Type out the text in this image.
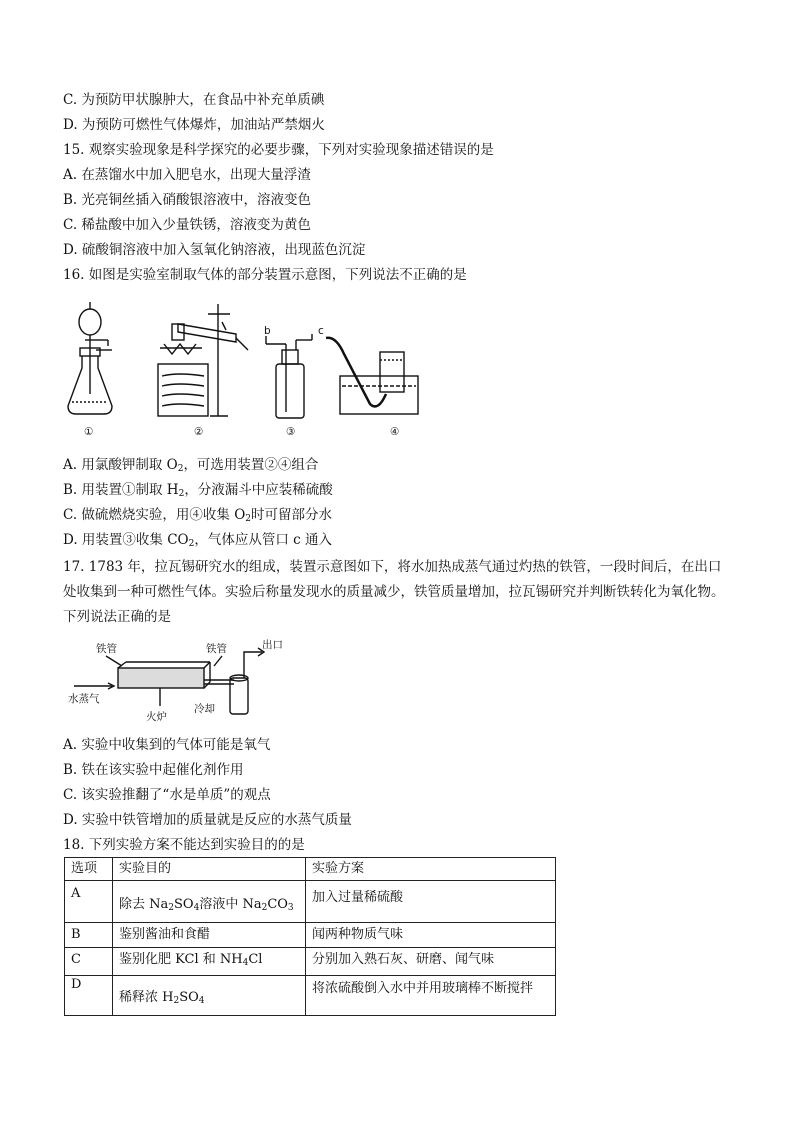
C. 为预防甲状腺肿大，在食品中补充单质碘
D. 为预防可燃性气体爆炸，加油站严禁烟火
15. 观察实验现象是科学探究的必要步骤，下列对实验现象描述错误的是
A. 在蒸馏水中加入肥皂水，出现大量浮渣
B. 光亮铜丝插入硝酸银溶液中，溶液变色
C. 稀盐酸中加入少量铁锈，溶液变为黄色
D. 硫酸铜溶液中加入氢氧化钠溶液，出现蓝色沉淀
16. 如图是实验室制取气体的部分装置示意图，下列说法不正确的是
①	②	③	④
b	c
A. 用氯酸钾制取 $O_2$，可选用装置②④组合
B. 用装置①制取 $H_2$，分液漏斗中应装稀硫酸
C. 做硫燃烧实验，用④收集 $O_2$时可留部分水
D. 用装置③收集 $CO_2$，气体应从管口 c 通入
17. 1783 年，拉瓦锡研究水的组成，装置示意图如下，将水加热成蒸气通过灼热的铁管，一段时间后，在出口处收集到一种可燃性气体。实验后称量发现水的质量减少，铁管质量增加，拉瓦锡研究并判断铁转化为氧化物。下列说法正确的是
铁管	铁管	出口
水蒸气
火炉
冷却
A. 实验中收集到的气体可能是氧气
B. 铁在该实验中起催化剂作用
C. 该实验推翻了“水是单质”的观点
D. 实验中铁管增加的质量就是反应的水蒸气质量
18. 下列实验方案不能达到实验目的的是
选项	实验目的	实验方案

A	除去 $Na_2SO_4$溶液中 $Na_2CO_3$	加入过量稀硫酸

B	鉴别酱油和食醋	闻两种物质气味
C	鉴别化肥 KCl 和 $NH_4Cl$	分别加入熟石灰、研磨、闻气味

D	稀释浓 $H_2SO_4$	将浓硫酸倒入水中并用玻璃棒不断搅拌
